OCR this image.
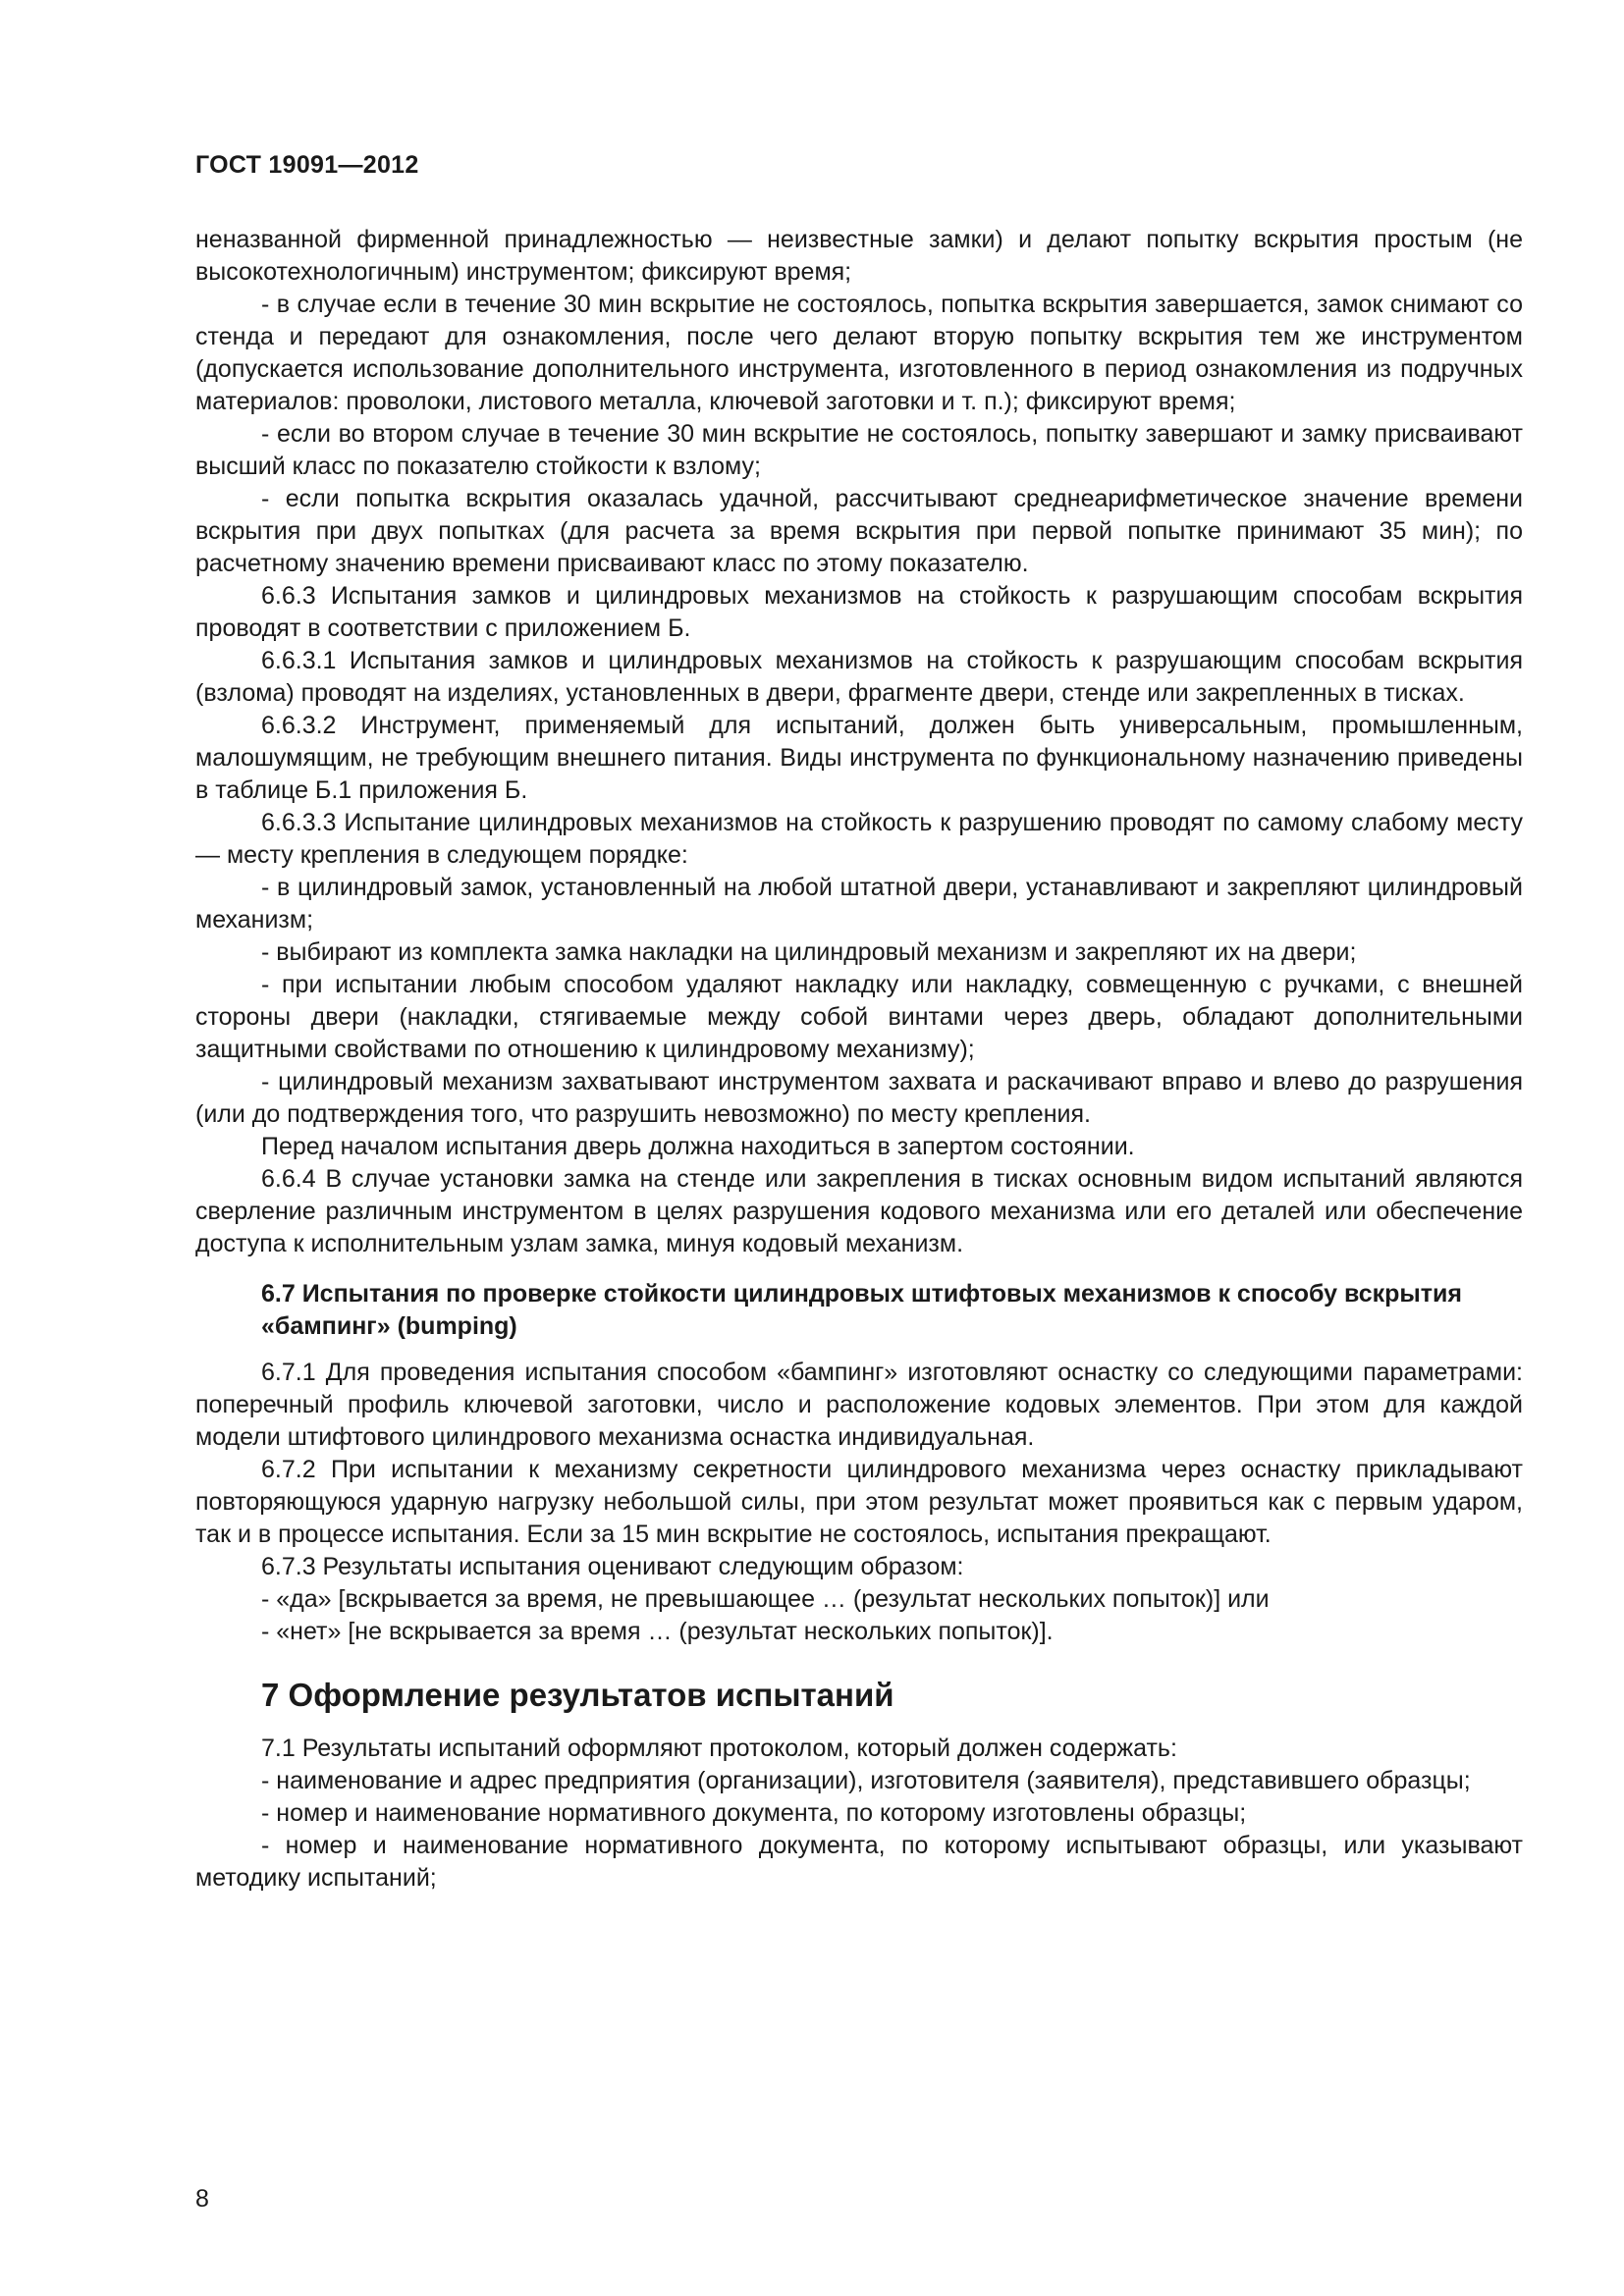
ГОСТ 19091—2012

неназванной фирменной принадлежностью — неизвестные замки) и делают попытку вскрытия простым (не высокотехнологичным) инструментом; фиксируют время;

- в случае если в течение 30 мин вскрытие не состоялось, попытка вскрытия завершается, замок снимают со стенда и передают для ознакомления, после чего делают вторую попытку вскрытия тем же инструментом (допускается использование дополнительного инструмента, изготовленного в период ознакомления из подручных материалов: проволоки, листового металла, ключевой заготовки и т. п.); фиксируют время;

- если во втором случае в течение 30 мин вскрытие не состоялось, попытку завершают и замку присваивают высший класс по показателю стойкости к взлому;

- если попытка вскрытия оказалась удачной, рассчитывают среднеарифметическое значение времени вскрытия при двух попытках (для расчета за время вскрытия при первой попытке принимают 35 мин); по расчетному значению времени присваивают класс по этому показателю.

6.6.3 Испытания замков и цилиндровых механизмов на стойкость к разрушающим способам вскрытия проводят в соответствии с приложением Б.

6.6.3.1 Испытания замков и цилиндровых механизмов на стойкость к разрушающим способам вскрытия (взлома) проводят на изделиях, установленных в двери, фрагменте двери, стенде или закрепленных в тисках.

6.6.3.2 Инструмент, применяемый для испытаний, должен быть универсальным, промышленным, малошумящим, не требующим внешнего питания. Виды инструмента по функциональному назначению приведены в таблице Б.1 приложения Б.

6.6.3.3 Испытание цилиндровых механизмов на стойкость к разрушению проводят по самому слабому месту — месту крепления в следующем порядке:

- в цилиндровый замок, установленный на любой штатной двери, устанавливают и закрепляют цилиндровый механизм;

- выбирают из комплекта замка накладки на цилиндровый механизм и закрепляют их на двери;

- при испытании любым способом удаляют накладку или накладку, совмещенную с ручками, с внешней стороны двери (накладки, стягиваемые между собой винтами через дверь, обладают дополнительными защитными свойствами по отношению к цилиндровому механизму);

- цилиндровый механизм захватывают инструментом захвата и раскачивают вправо и влево до разрушения (или до подтверждения того, что разрушить невозможно) по месту крепления.

Перед началом испытания дверь должна находиться в запертом состоянии.

6.6.4 В случае установки замка на стенде или закрепления в тисках основным видом испытаний являются сверление различным инструментом в целях разрушения кодового механизма или его деталей или обеспечение доступа к исполнительным узлам замка, минуя кодовый механизм.

6.7 Испытания по проверке стойкости цилиндровых штифтовых механизмов к способу вскрытия «бампинг» (bumping)

6.7.1 Для проведения испытания способом «бампинг» изготовляют оснастку со следующими параметрами: поперечный профиль ключевой заготовки, число и расположение кодовых элементов. При этом для каждой модели штифтового цилиндрового механизма оснастка индивидуальная.

6.7.2 При испытании к механизму секретности цилиндрового механизма через оснастку прикладывают повторяющуюся ударную нагрузку небольшой силы, при этом результат может проявиться как с первым ударом, так и в процессе испытания. Если за 15 мин вскрытие не состоялось, испытания прекращают.

6.7.3 Результаты испытания оценивают следующим образом:

- «да» [вскрывается за время, не превышающее … (результат нескольких попыток)] или

- «нет» [не вскрывается за время … (результат нескольких попыток)].

7 Оформление результатов испытаний

7.1 Результаты испытаний оформляют протоколом, который должен содержать:

- наименование и адрес предприятия (организации), изготовителя (заявителя), представившего образцы;

- номер и наименование нормативного документа, по которому изготовлены образцы;

- номер и наименование нормативного документа, по которому испытывают образцы, или указывают методику испытаний;

8
